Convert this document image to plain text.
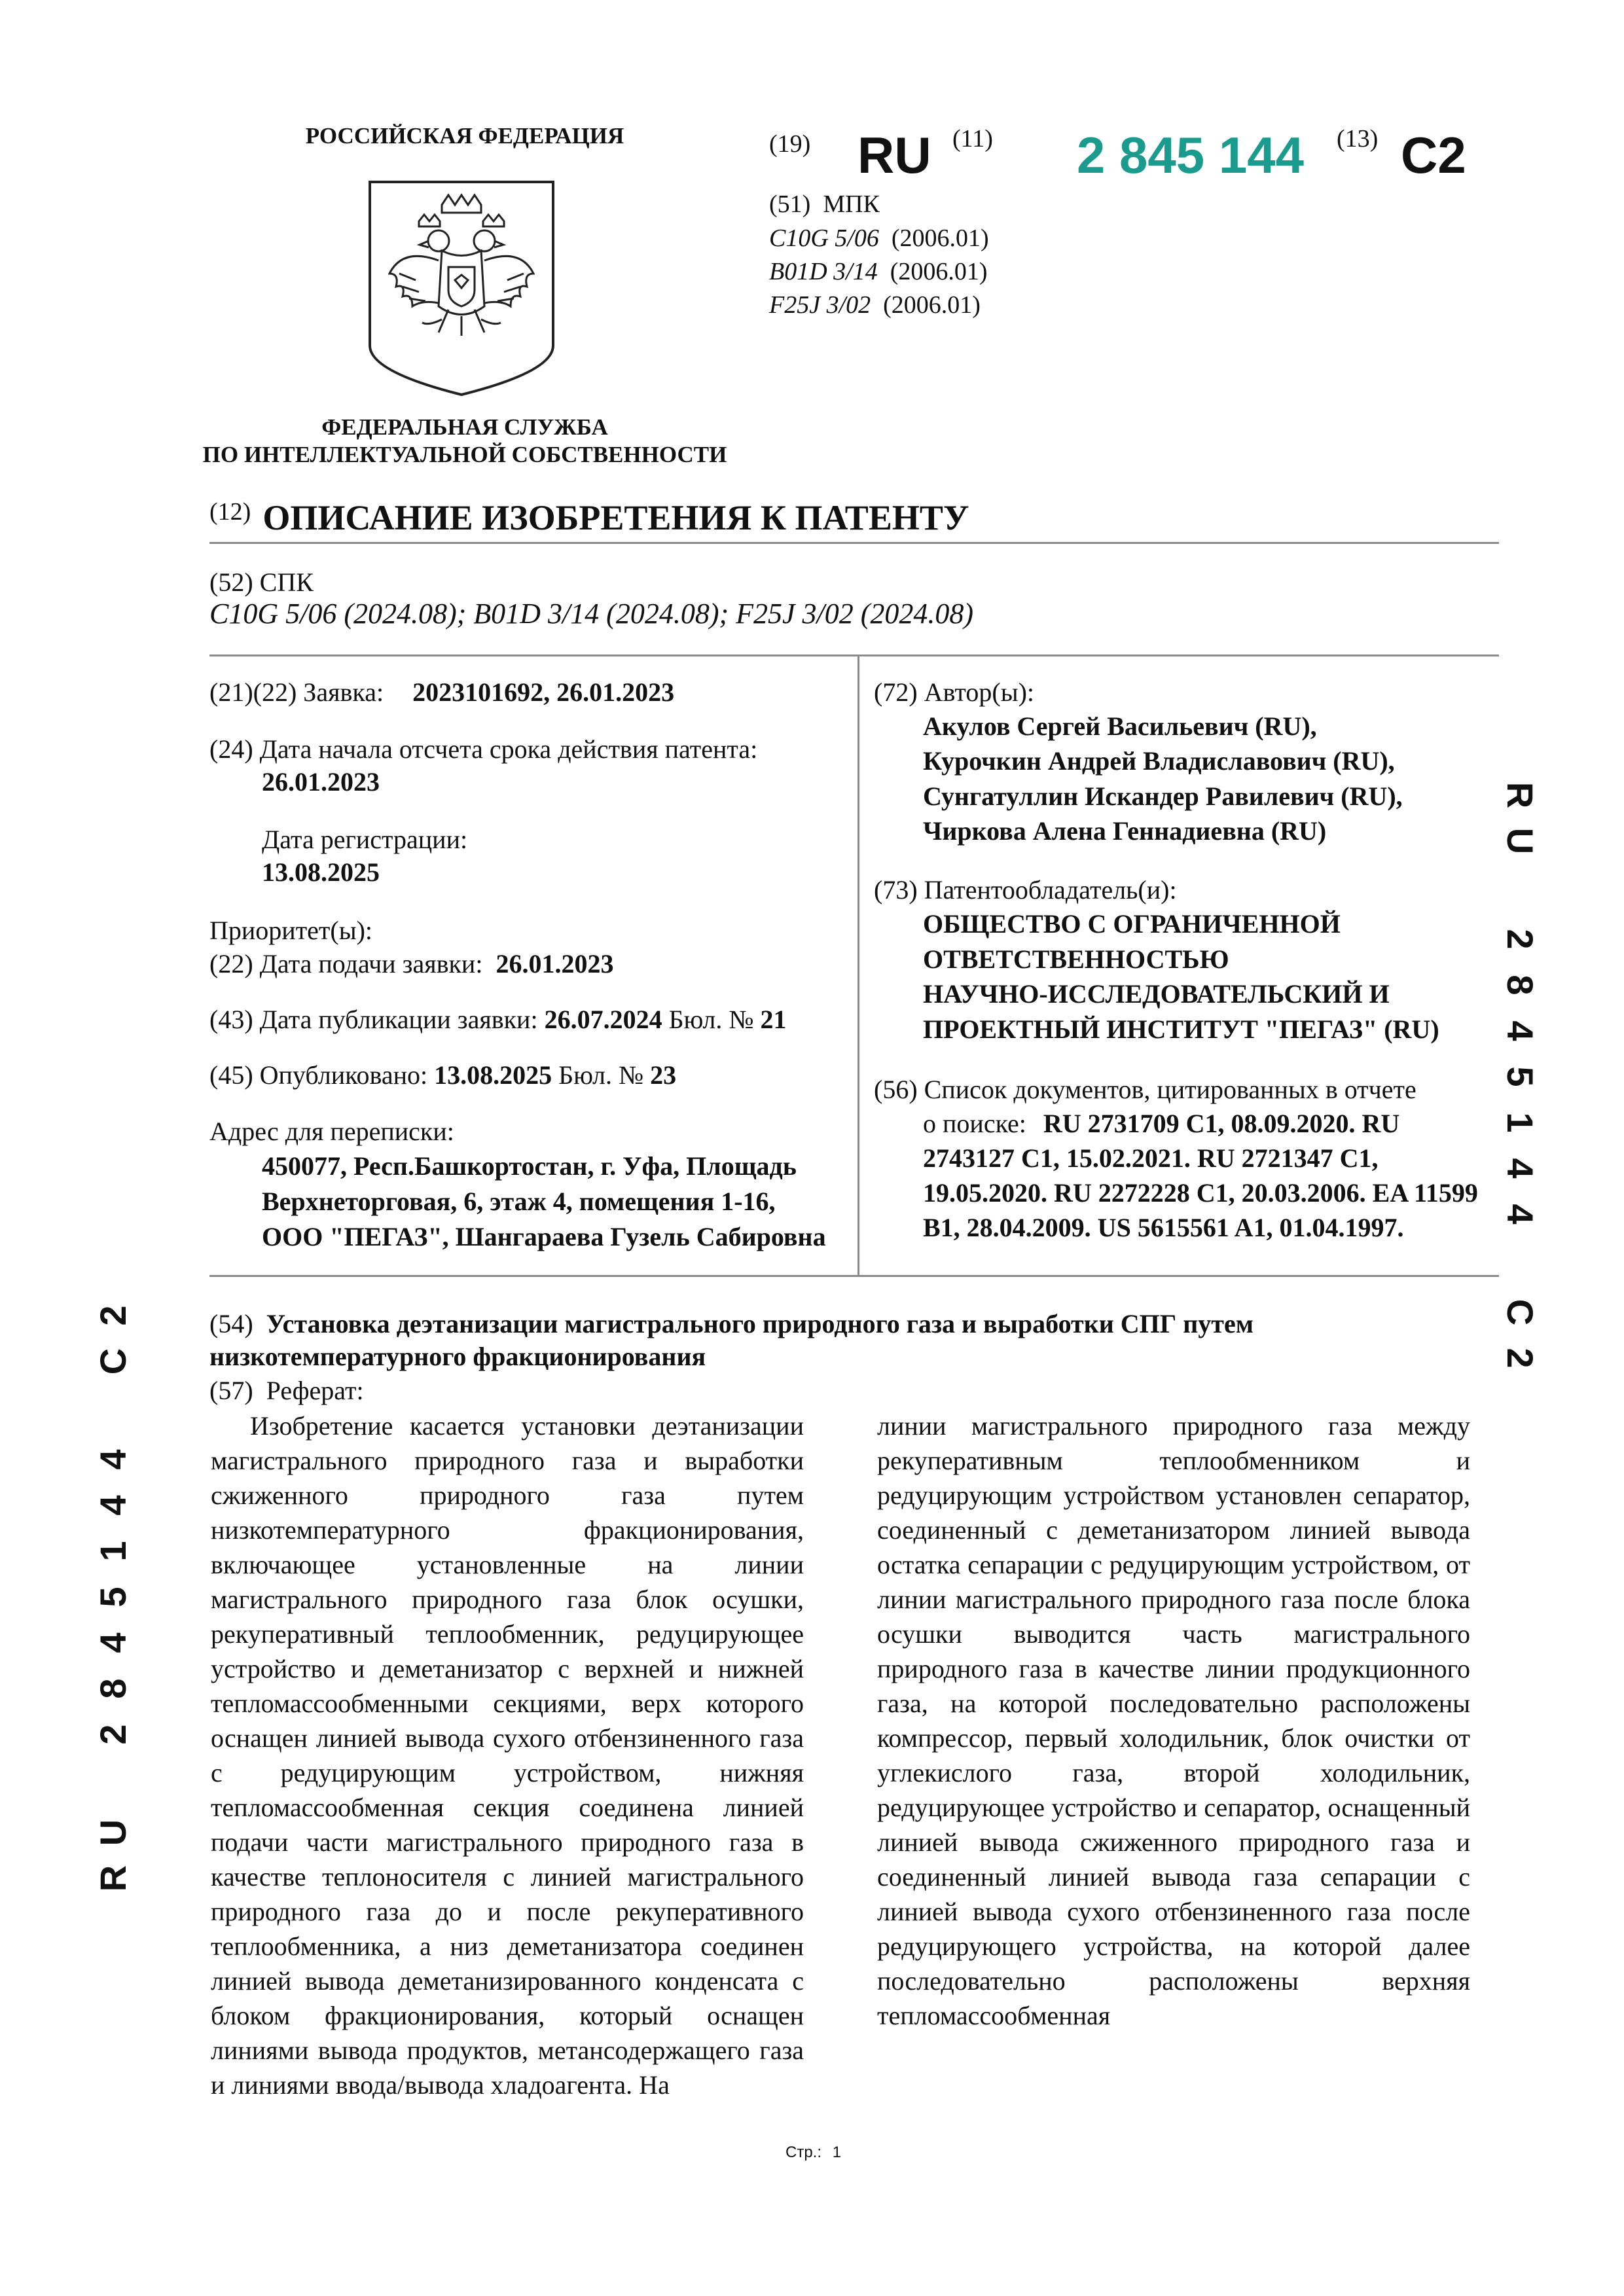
РОССИЙСКАЯ ФЕДЕРАЦИЯ
ФЕДЕРАЛЬНАЯ СЛУЖБА
ПО ИНТЕЛЛЕКТУАЛЬНОЙ СОБСТВЕННОСТИ
(19) RU (11) 2 845 144 (13) C2
(51) МПК
C10G 5/06 (2006.01)
B01D 3/14 (2006.01)
F25J 3/02 (2006.01)
(12) ОПИСАНИЕ ИЗОБРЕТЕНИЯ К ПАТЕНТУ
(52) СПК
C10G 5/06 (2024.08); B01D 3/14 (2024.08); F25J 3/02 (2024.08)
(21)(22) Заявка: 2023101692, 26.01.2023
(24) Дата начала отсчета срока действия патента:
26.01.2023
Дата регистрации:
13.08.2025
Приоритет(ы):
(22) Дата подачи заявки: 26.01.2023
(43) Дата публикации заявки: 26.07.2024 Бюл. № 21
(45) Опубликовано: 13.08.2025 Бюл. № 23
Адрес для переписки:
450077, Респ.Башкортостан, г. Уфа, Площадь
Верхнеторговая, 6, этаж 4, помещения 1-16,
ООО "ПЕГАЗ", Шангараева Гузель Сабировна
(72) Автор(ы):
Акулов Сергей Васильевич (RU),
Курочкин Андрей Владиславович (RU),
Сунгатуллин Искандер Равилевич (RU),
Чиркова Алена Геннадиевна (RU)
(73) Патентообладатель(и):
ОБЩЕСТВО С ОГРАНИЧЕННОЙ
ОТВЕТСТВЕННОСТЬЮ
НАУЧНО-ИССЛЕДОВАТЕЛЬСКИЙ И
ПРОЕКТНЫЙ ИНСТИТУТ "ПЕГАЗ" (RU)
(56) Список документов, цитированных в отчете
о поиске: RU 2731709 C1, 08.09.2020. RU
2743127 C1, 15.02.2021. RU 2721347 C1,
19.05.2020. RU 2272228 C1, 20.03.2006. EA 11599
B1, 28.04.2009. US 5615561 A1, 01.04.1997.
(54) Установка деэтанизации магистрального природного газа и выработки СПГ путем низкотемпературного фракционирования
(57) Реферат:

Изобретение касается установки деэтанизации магистрального природного газа и выработки сжиженного природного газа путем низкотемпературного фракционирования, включающее установленные на линии магистрального природного газа блок осушки, рекуперативный теплообменник, редуцирующее устройство и деметанизатор с верхней и нижней тепломассообменными секциями, верх которого оснащен линией вывода сухого отбензиненного газа с редуцирующим устройством, нижняя тепломассообменная секция соединена линией подачи части магистрального природного газа в качестве теплоносителя с линией магистрального природного газа до и после рекуперативного теплообменника, а низ деметанизатора соединен линией вывода деметанизированного конденсата с блоком фракционирования, который оснащен линиями вывода продуктов, метансодержащего газа и линиями ввода/вывода хладоагента. На

линии магистрального природного газа между рекуперативным теплообменником и редуцирующим устройством установлен сепаратор, соединенный с деметанизатором линией вывода остатка сепарации с редуцирующим устройством, от линии магистрального природного газа после блока осушки выводится часть магистрального природного газа в качестве линии продукционного газа, на которой последовательно расположены компрессор, первый холодильник, блок очистки от углекислого газа, второй холодильник, редуцирующее устройство и сепаратор, оснащенный линией вывода сжиженного природного газа и соединенный линией вывода газа сепарации с линией вывода сухого отбензиненного газа после редуцирующего устройства, на которой далее последовательно расположены верхняя тепломассообменная

Стр.: 1
R
U
2
8
4
5
1
4
4
C
2
R
U
2
8
4
5
1
4
4
C
2
